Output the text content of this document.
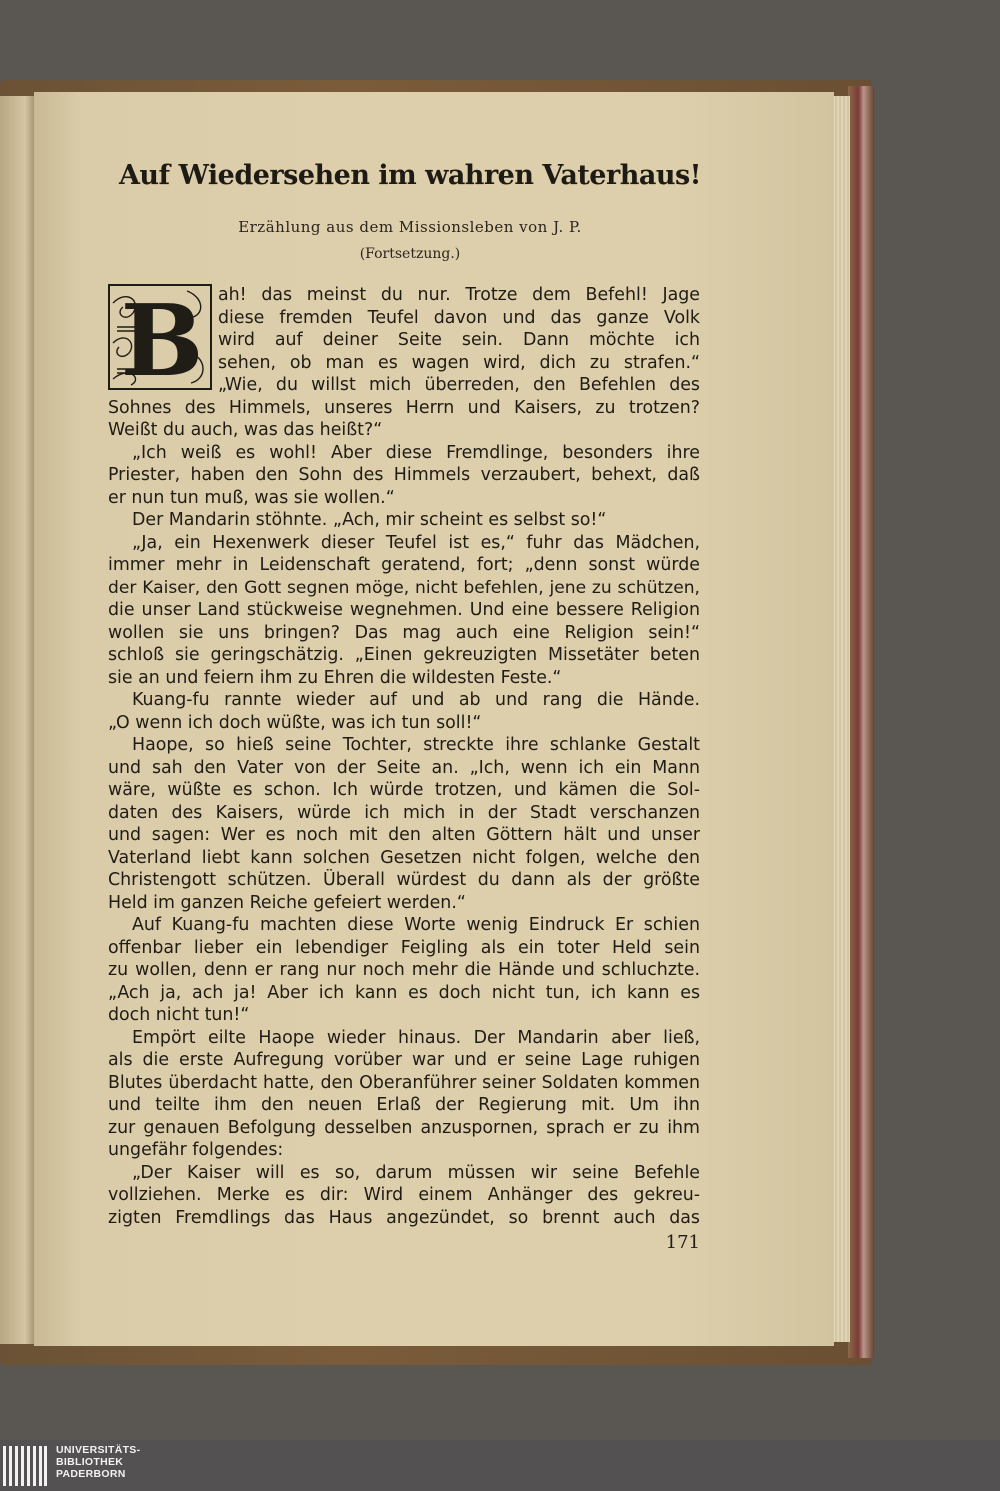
Auf Wiedersehen im wahren Vaterhaus!
Erzählung aus dem Missionsleben von J. P.
(Fortsetzung.)
B ah! das meinst du nur. Trotze dem Befehl! Jage
diese fremden Teufel davon und das ganze Volk
wird auf deiner Seite sein. Dann möchte ich
sehen, ob man es wagen wird, dich zu strafen.“
„Wie, du willst mich überreden, den Befehlen des
Sohnes des Himmels, unseres Herrn und Kaisers, zu trotzen?
Weißt du auch, was das heißt?“
„Ich weiß es wohl! Aber diese Fremdlinge, besonders ihre
Priester, haben den Sohn des Himmels verzaubert, behext, daß
er nun tun muß, was sie wollen.“
Der Mandarin stöhnte. „Ach, mir scheint es selbst so!“
„Ja, ein Hexenwerk dieser Teufel ist es,“ fuhr das Mädchen,
immer mehr in Leidenschaft geratend, fort; „denn sonst würde
der Kaiser, den Gott segnen möge, nicht befehlen, jene zu schützen,
die unser Land stückweise wegnehmen. Und eine bessere Religion
wollen sie uns bringen? Das mag auch eine Religion sein!“
schloß sie geringschätzig. „Einen gekreuzigten Missetäter beten
sie an und feiern ihm zu Ehren die wildesten Feste.“
Kuang-fu rannte wieder auf und ab und rang die Hände.
„O wenn ich doch wüßte, was ich tun soll!“
Haope, so hieß seine Tochter, streckte ihre schlanke Gestalt
und sah den Vater von der Seite an. „Ich, wenn ich ein Mann
wäre, wüßte es schon. Ich würde trotzen, und kämen die Sol-
daten des Kaisers, würde ich mich in der Stadt verschanzen
und sagen: Wer es noch mit den alten Göttern hält und unser
Vaterland liebt kann solchen Gesetzen nicht folgen, welche den
Christengott schützen. Überall würdest du dann als der größte
Held im ganzen Reiche gefeiert werden.“
Auf Kuang-fu machten diese Worte wenig Eindruck Er schien
offenbar lieber ein lebendiger Feigling als ein toter Held sein
zu wollen, denn er rang nur noch mehr die Hände und schluchzte.
„Ach ja, ach ja! Aber ich kann es doch nicht tun, ich kann es
doch nicht tun!“
Empört eilte Haope wieder hinaus. Der Mandarin aber ließ,
als die erste Aufregung vorüber war und er seine Lage ruhigen
Blutes überdacht hatte, den Oberanführer seiner Soldaten kommen
und teilte ihm den neuen Erlaß der Regierung mit. Um ihn
zur genauen Befolgung desselben anzuspornen, sprach er zu ihm
ungefähr folgendes:
„Der Kaiser will es so, darum müssen wir seine Befehle
vollziehen. Merke es dir: Wird einem Anhänger des gekreu-
zigten Fremdlings das Haus angezündet, so brennt auch das
171
UNIVERSITÄTS-
BIBLIOTHEK
PADERBORN
